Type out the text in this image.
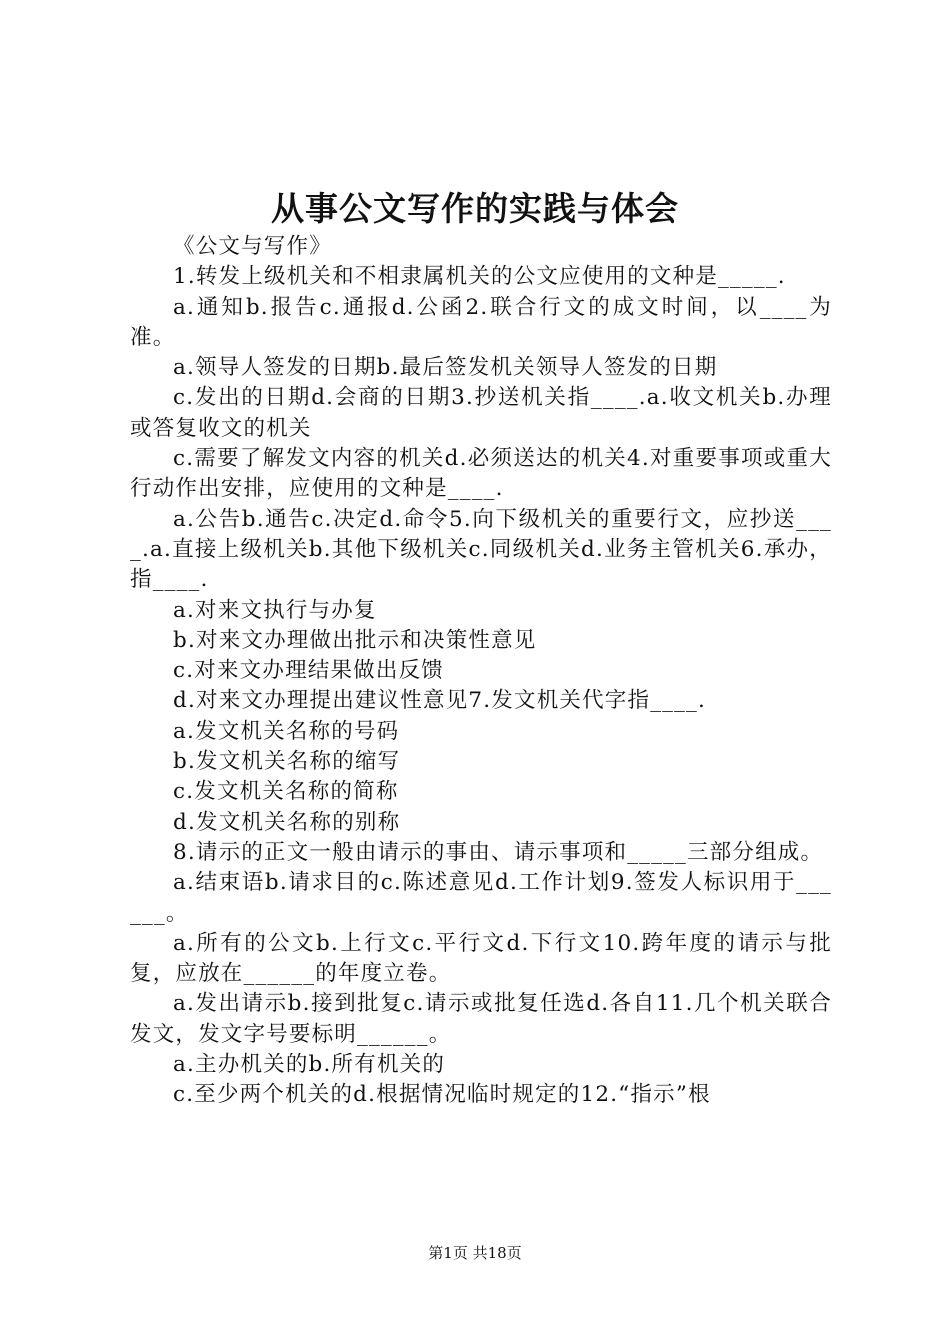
从事公文写作的实践与体会

《公文与写作》

1.转发上级机关和不相隶属机关的公文应使用的文种是_____.

a.通知b.报告c.通报d.公函2.联合行文的成文时间，以____为准。

a.领导人签发的日期b.最后签发机关领导人签发的日期

c.发出的日期d.会商的日期3.抄送机关指____.a.收文机关b.办理或答复收文的机关

c.需要了解发文内容的机关d.必须送达的机关4.对重要事项或重大行动作出安排，应使用的文种是____.

a.公告b.通告c.决定d.命令5.向下级机关的重要行文，应抄送____.a.直接上级机关b.其他下级机关c.同级机关d.业务主管机关6.承办，指____.

a.对来文执行与办复

b.对来文办理做出批示和决策性意见

c.对来文办理结果做出反馈

d.对来文办理提出建议性意见7.发文机关代字指____.

a.发文机关名称的号码

b.发文机关名称的缩写

c.发文机关名称的简称

d.发文机关名称的别称

8.请示的正文一般由请示的事由、请示事项和_____三部分组成。

a.结束语b.请求目的c.陈述意见d.工作计划9.签发人标识用于______。

a.所有的公文b.上行文c.平行文d.下行文10.跨年度的请示与批复，应放在______的年度立卷。

a.发出请示b.接到批复c.请示或批复任选d.各自11.几个机关联合发文，发文字号要标明______。

a.主办机关的b.所有机关的

c.至少两个机关的d.根据情况临时规定的12.“指示”根

第1页 共18页
